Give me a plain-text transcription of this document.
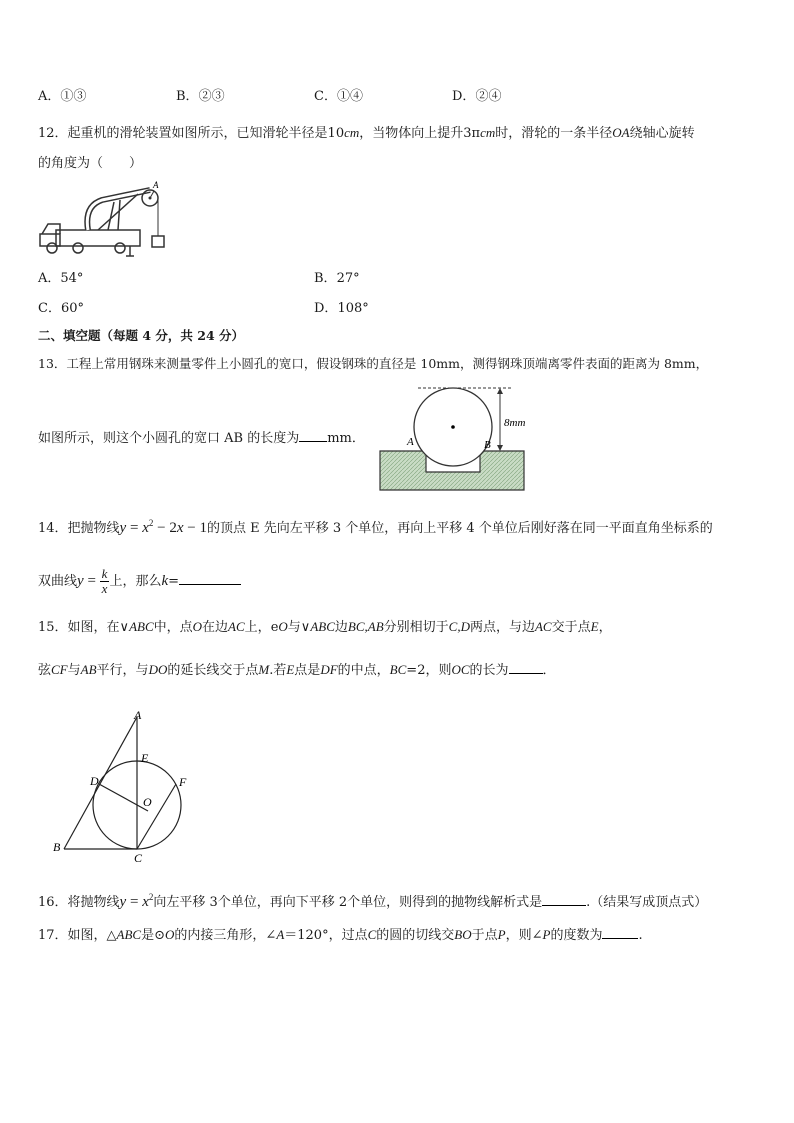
A．①③	B．②③	C．①④	D．②④
12．起重机的滑轮装置如图所示，已知滑轮半径是10cm，当物体向上提升3πcm时，滑轮的一条半径OA绕轴心旋转
的角度为（　　）
A
A．54°	B．27°
C．60°	D．108°
二、填空题（每题 4 分，共 24 分）
13．工程上常用钢珠来测量零件上小圆孔的宽口，假设钢珠的直径是 10mm，测得钢珠顶端离零件表面的距离为 8mm，
如图所示，则这个小圆孔的宽口 AB 的长度为 mm．
8mm
A	B
14．把抛物线$y = x^2 - 2x - 1$的顶点 E 先向左平移 3 个单位，再向上平移 4 个单位后刚好落在同一平面直角坐标系的
双曲线$y = \frac{k}{x}$ 上，那么k=
15．如图，在∨ABC中，点O在边AC上，eO与∨ABC边BC,AB分别相切于C,D两点，与边AC交于点E，
弦CF与AB平行，与DO的延长线交于点M.若E点是DF的中点，BC=2，则OC的长为	．
A
E
D	F
O
B
C
16．将抛物线$y = x^2$向左平移 3个单位，再向下平移 2个单位，则得到的抛物线解析式是	.（结果写成顶点式）
17．如图，△ABC是⊙O的内接三角形，∠A＝120°，过点C的圆的切线交BO于点P，则∠P的度数为	.
